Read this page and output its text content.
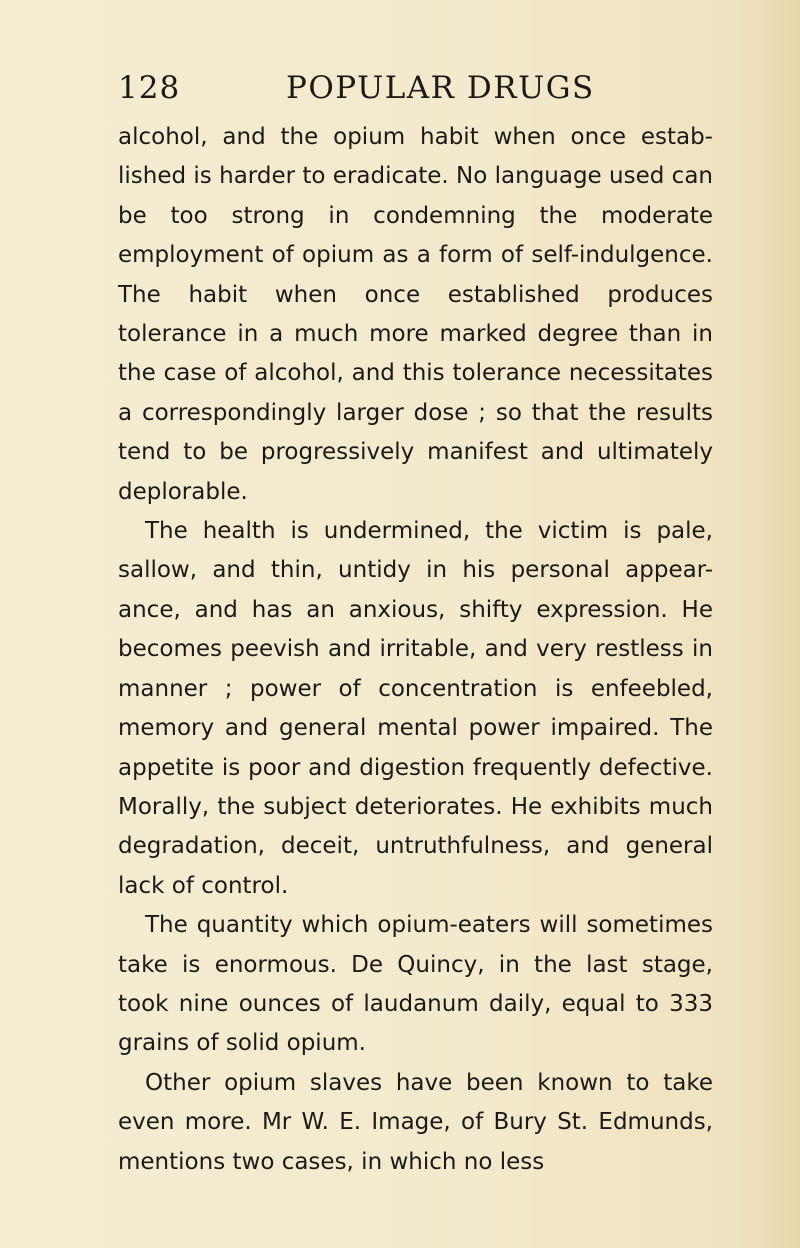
128	POPULAR DRUGS

alcohol, and the opium habit when once estab-lished is harder to eradicate. No language used can be too strong in condemning the moderate employment of opium as a form of self-indulgence. The habit when once established produces tolerance in a much more marked degree than in the case of alcohol, and this tolerance necessitates a correspondingly larger dose ; so that the results tend to be progressively manifest and ultimately deplorable.

The health is undermined, the victim is pale, sallow, and thin, untidy in his personal appear-ance, and has an anxious, shifty expression. He becomes peevish and irritable, and very restless in manner ; power of concentration is enfeebled, memory and general mental power impaired. The appetite is poor and digestion frequently defective. Morally, the subject deteriorates. He exhibits much degradation, deceit, untruthfulness, and general lack of control.

The quantity which opium-eaters will sometimes take is enormous. De Quincy, in the last stage, took nine ounces of laudanum daily, equal to 333 grains of solid opium.

Other opium slaves have been known to take even more. Mr W. E. Image, of Bury St. Edmunds, mentions two cases, in which no less
